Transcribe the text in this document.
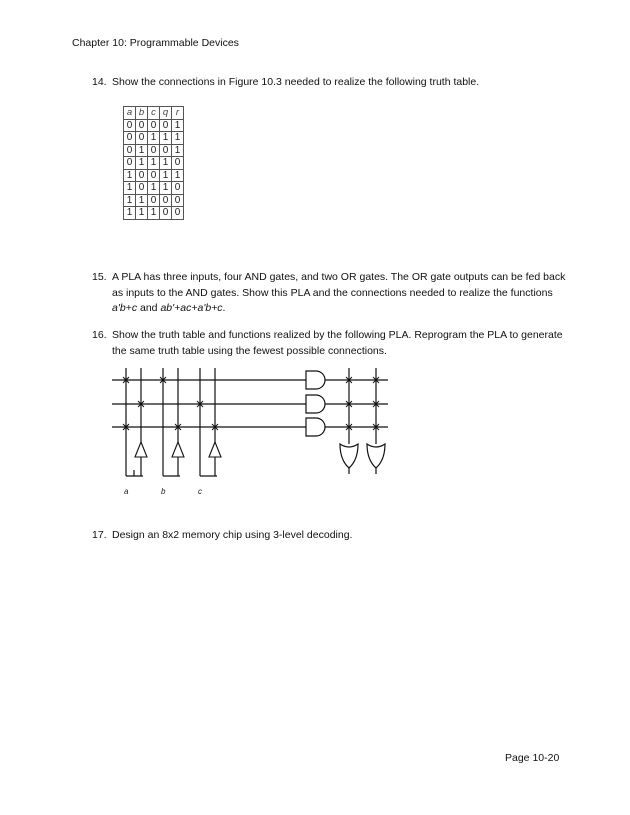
Chapter 10: Programmable Devices
14. Show the connections in Figure 10.3 needed to realize the following truth table.
a	b	c	q	r
0	0	0	0	1
0	0	1	1	1
0	1	0	0	1
0	1	1	1	0
1	0	0	1	1
1	0	1	1	0
1	1	0	0	0
1	1	1	0	0
15. A PLA has three inputs, four AND gates, and two OR gates. The OR gate outputs can be fed back as inputs to the AND gates. Show this PLA and the connections needed to realize the functions a'b+c and ab'+ac+a'b+c.
16. Show the truth table and functions realized by the following PLA. Reprogram the PLA to generate the same truth table using the fewest possible connections.
a	b	c
17. Design an 8x2 memory chip using 3-level decoding.
Page 10-20
